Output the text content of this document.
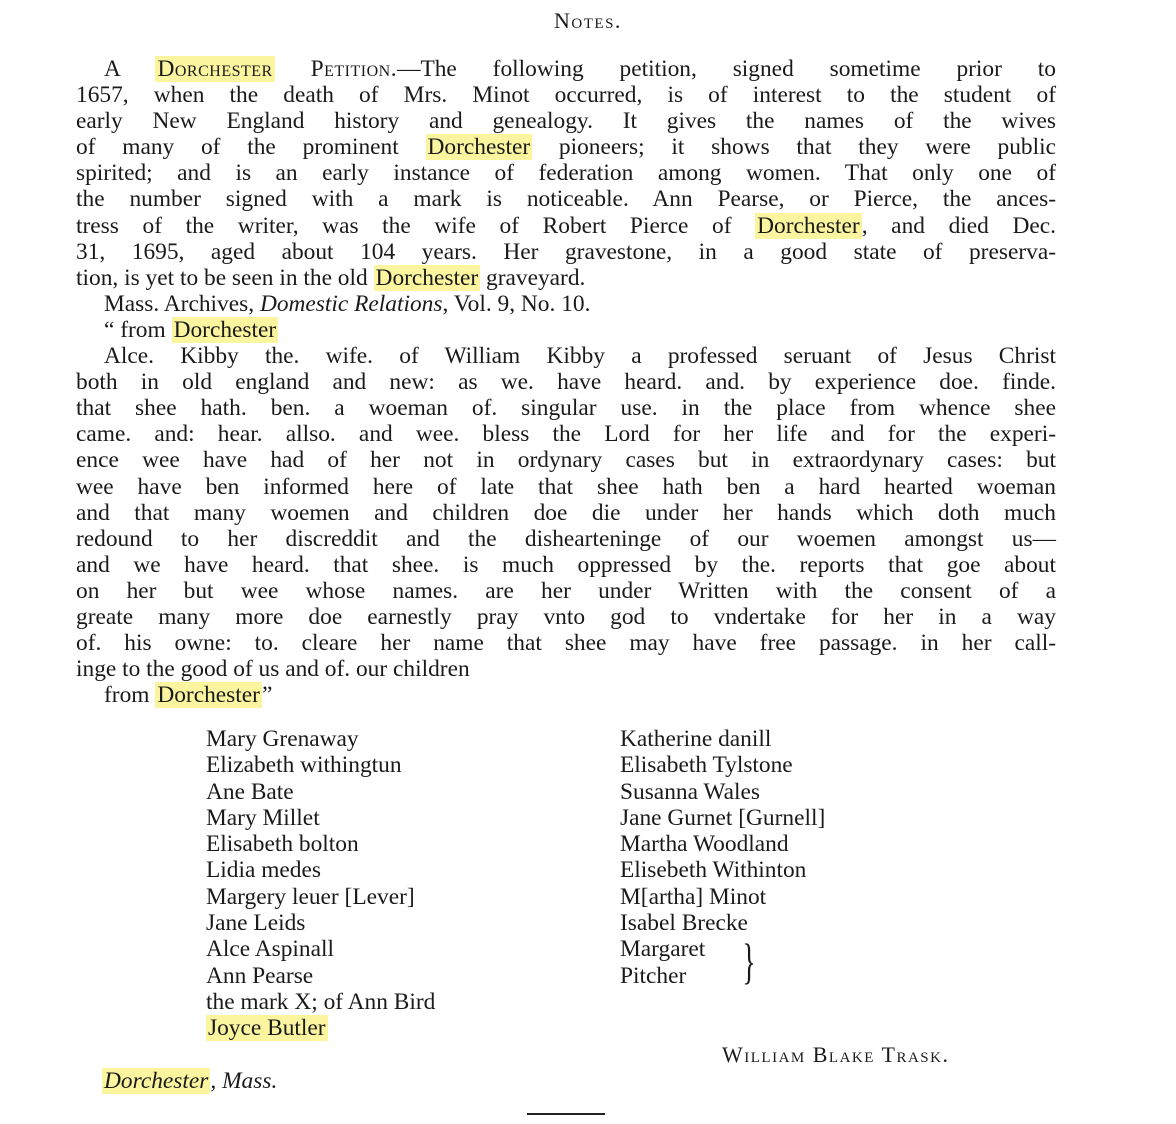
Notes.
A Dorchester Petition.—The following petition, signed sometime prior to
1657, when the death of Mrs. Minot occurred, is of interest to the student of
early New England history and genealogy. It gives the names of the wives
of many of the prominent Dorchester pioneers; it shows that they were public
spirited; and is an early instance of federation among women. That only one of
the number signed with a mark is noticeable. Ann Pearse, or Pierce, the ances-
tress of the writer, was the wife of Robert Pierce of Dorchester, and died Dec.
31, 1695, aged about 104 years. Her gravestone, in a good state of preserva-
tion, is yet to be seen in the old Dorchester graveyard.
Mass. Archives, Domestic Relations, Vol. 9, No. 10.
“ from Dorchester
Alce. Kibby the. wife. of William Kibby a professed seruant of Jesus Christ
both in old england and new: as we. have heard. and. by experience doe. finde.
that shee hath. ben. a woeman of. singular use. in the place from whence shee
came. and: hear. allso. and wee. bless the Lord for her life and for the experi-
ence wee have had of her not in ordynary cases but in extraordynary cases: but
wee have ben informed here of late that shee hath ben a hard hearted woeman
and that many woemen and children doe die under her hands which doth much
redound to her discreddit and the dishearteninge of our woemen amongst us—
and we have heard. that shee. is much oppressed by the. reports that goe about
on her but wee whose names. are her under Written with the consent of a
greate many more doe earnestly pray vnto god to vndertake for her in a way
of. his owne: to. cleare her name that shee may have free passage. in her call-
inge to the good of us and of. our children
from Dorchester”
Mary Grenaway
Elizabeth withingtun
Ane Bate
Mary Millet
Elisabeth bolton
Lidia medes
Margery leuer [Lever]
Jane Leids
Alce Aspinall
Ann Pearse
the mark X; of Ann Bird
Joyce Butler
Katherine danill
Elisabeth Tylstone
Susanna Wales
Jane Gurnet [Gurnell]
Martha Woodland
Elisebeth Withinton
M[artha] Minot
Isabel Brecke
Margaret
Pitcher	}
William Blake Trask.
Dorchester, Mass.
